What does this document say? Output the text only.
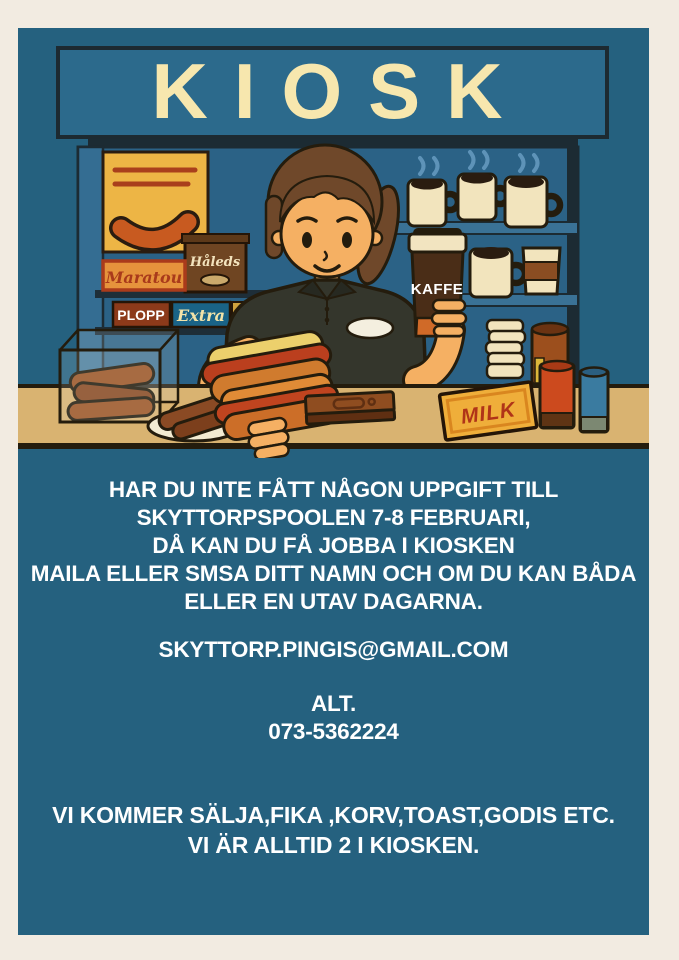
KIOSK
Håleds
Maratou
PLOPP Extra
KAFFE
MILK
HAR DU INTE FÅTT NÅGON UPPGIFT TILL
SKYTTORPSPOOLEN 7-8 FEBRUARI,
DÅ KAN DU FÅ JOBBA I KIOSKEN
MAILA ELLER SMSA DITT NAMN OCH OM DU KAN BÅDA
ELLER EN UTAV DAGARNA.
SKYTTORP.PINGIS@GMAIL.COM
ALT.
073-5362224
VI KOMMER SÄLJA,FIKA ,KORV,TOAST,GODIS ETC.
VI ÄR ALLTID 2 I KIOSKEN.
